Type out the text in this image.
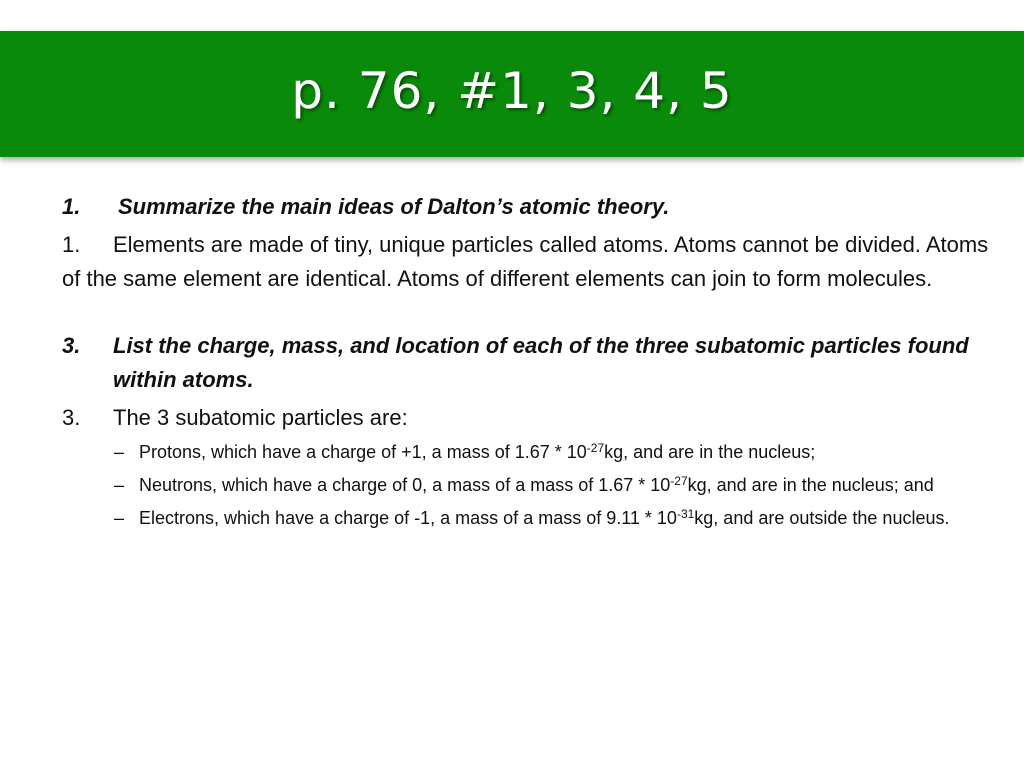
p. 76, #1, 3, 4, 5
1.	Summarize the main ideas of Dalton’s atomic theory.
1. Elements are made of tiny, unique particles called atoms. Atoms cannot be divided. Atoms of the same element are identical. Atoms of different elements can join to form molecules.
3.	List the charge, mass, and location of each of the three subatomic particles found within atoms.
3.	The 3 subatomic particles are:
– Protons, which have a charge of +1, a mass of $1.67 * 10^{-27}kg$, and are in the nucleus;
– Neutrons, which have a charge of 0, a mass of a mass of $1.67 * 10^{-27}kg$, and are in the nucleus; and
– Electrons, which have a charge of -1, a mass of a mass of $9.11 * 10^{-31}kg$, and are outside the nucleus.
